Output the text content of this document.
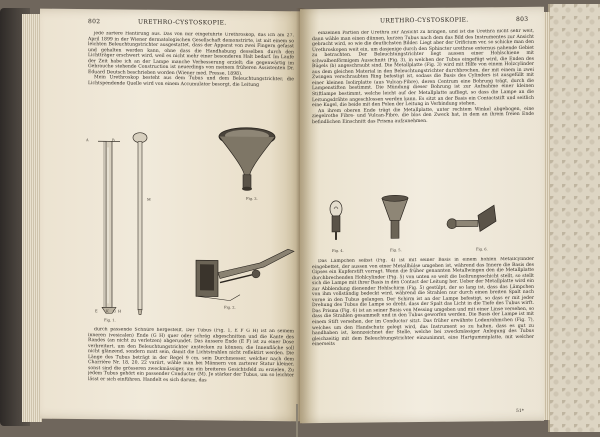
802	URETHRO-CYSTOSKOPIE.

jede zartere Hantirung aus. Das von mir eingeführte Urethroskop, das ich am 27. April 1899 in der Wiener dermatologischen Gesellschaft demonstrirte, ist mit einem so leichten Beleuchtungstrichter ausgestattet, dass der Apparat von zwei Fingern gefasst und gehalten werden kann, ohne dass die Handhabung desselben durch den Lichtträger erschwert wird, weil es nicht mehr einer besonderen Halt bedarf. Im Laufe der Zeit habe ich an der Lampe manche Verbesserung erzielt; die gegenwärtig im Gebrauche stehende Construction ist neuerdings von meinem früheren Assistenten Dr. Eduard Deutsch beschrieben worden (Wiener med. Presse, 1898).

Mein Urethroskop besteht aus dem Tubus und dem Beleuchtungstrichter, die Lichtspendende Quelle wird von einem Accumulator besorgt, die Leitung

A	B
M
K
E	G H
Fig. 1.
Fig. 3.
Fig. 2.

durch passende Schnüre hergestellt. Der Tubus (Fig. 1, E F G H) ist an seinem inneren (vesicalen) Ende (G H) quer oder schräg abgeschnitten und die Kante des Randes (an nicht zu verletzen) abgerundet. Das äussere Ende (E F) ist zu einer Dose verbreitert, um den Beleuchtungstrichter anstecken zu können; die Innenfläche soll nicht glänzend, sondern matt sein, damit die Lichtstrahlen nicht reflektirt werden. Die Länge des Tubus beträgt in der Regel 9 cm, sein Durchmesser, welcher nach dem Charrière Nr. 18, 20, 22 variirt, wähle man bei Männern von zarterer Statur kleiner, sonst sind die grösseren zweckmässiger, um ein breiteres Gesichtsfeld zu erzielen. Zu jedem Tubus gehört ein passender Conductor (M). Je stärker der Tubus, um so leichter lässt er sich einführen. Handelt es sich darum, das

URETHRO-CYSTOSKOPIE.	803

einzelnen Partien der Urethra zur Ansicht zu bringen, und ist die Urethra nicht sehr weit, dann wähle man einen dünnen, kurzen Tubus nach dem das Bild des Instrumentes zur Ansicht gebracht wird, so wie die deutlichsten Bilder. Liegt aber der Orificium vor, so schicke man den Urethroskopen weit ein, um dasjenige durch den Sphincter urethrae externus nahende Gebiet zu betrachten. Der Beleuchtungstrichter liegt aussen einer Hohlschiene mit schwalbenförmigem Ausschnitt (Fig. 3), in welchen der Tubus eingefügt wird, die Enden des Bügels (b) angeschraubt sind. Die Metallplatte (Fig. 3) wird mit Hilfe von einem Holzcylinder aus dem gleichen Material in den Beleuchtungstrichter durchbrochen, der mit einem in zwei Zwingen verschraubten Ring befestigt ist, sodass die Basis des Cylinders ist ausgefüllt mit einer kleinen Isolirplatte (aus Vulcan-Fibre), deren Centrum eine Bohrung trägt, durch die Lampenstiften bestimmt. Die Mündung dieser Bohrung ist zur Aufnahme einer kleinen Stiftlampe bestimmt, welche leicht auf der Metallplatte aufliegt, so dass die Lampe an die Leitungsdrähte angeschlossen werden kann. Es sitzt an der Basis ein Contactstift und seitlich eine Kugel, die beide mit den Polen der Leitung in Verbindung stehen.

An ihrem oberen Ende trägt die Metallplatte, unter rechtem Winkel abgebogen, eine ziegelrothe Fibre- und Vulcan-Fibre, die blos den Zweck hat, in dem an ihrem freien Ende befindlichen Einschnitt das Prisma aufzunehmen.

Fig. 4.	Fig. 5.	Fig. 6.

Das Lämpchen selbst (Fig. 4) ist mit seiner Basis in einem hohlen Metallcylinder eingebettet, der aussen von einer Metallhülse umgeben ist, während das Innere die Basis des Gipses ein Kupferstift vorragt. Wenn die früher genannten Metallwingen den die Metallplatte durchbrechenden Hohlcylinder (Fig. 5) von unten so weit die Isolirungsschicht stellt, so stellt sich die Lampe mit ihrer Basis in den Contact der Leitung her. Ueber der Metallplatte wird ein zur Abblendung dienender Hohlschirm (Fig. 5) gestülpt, der so lang ist, dass das Lämpchen von ihm vollständig bedeckt wird, während die Strahlen nur durch einen breiten Spalt nach vorne in den Tubus gelangen. Der Schirm ist an der Lampe befestigt, so dass er mit jeder Drehung des Tubus die Lampe so dreht, dass der Spalt das Licht in die Tiefe des Tubus wirft. Das Prisma (Fig. 6) ist an seiner Basis von Messing umgeben und mit einer Linse versehen, so dass die Strahlen gesammelt und in den Tubus geworfen werden. Die Basis der Lampe ist mit einem Stift versehen, der im Conductor sitzt. Das früher erwähnte Lodenrahmchen (Fig. 7), welches um den Handschutz gelegt wird, das Instrument so zu halten, dass es gut zu handhaben ist, kennzeichnet der Stelle, welche bei zweckmässiger Anlegung des Tubus gleichzeitig mit dem Beleuchtungstrichter einzunimmt, eine Hartgummiplatte, mit welcher einerseits

51*
